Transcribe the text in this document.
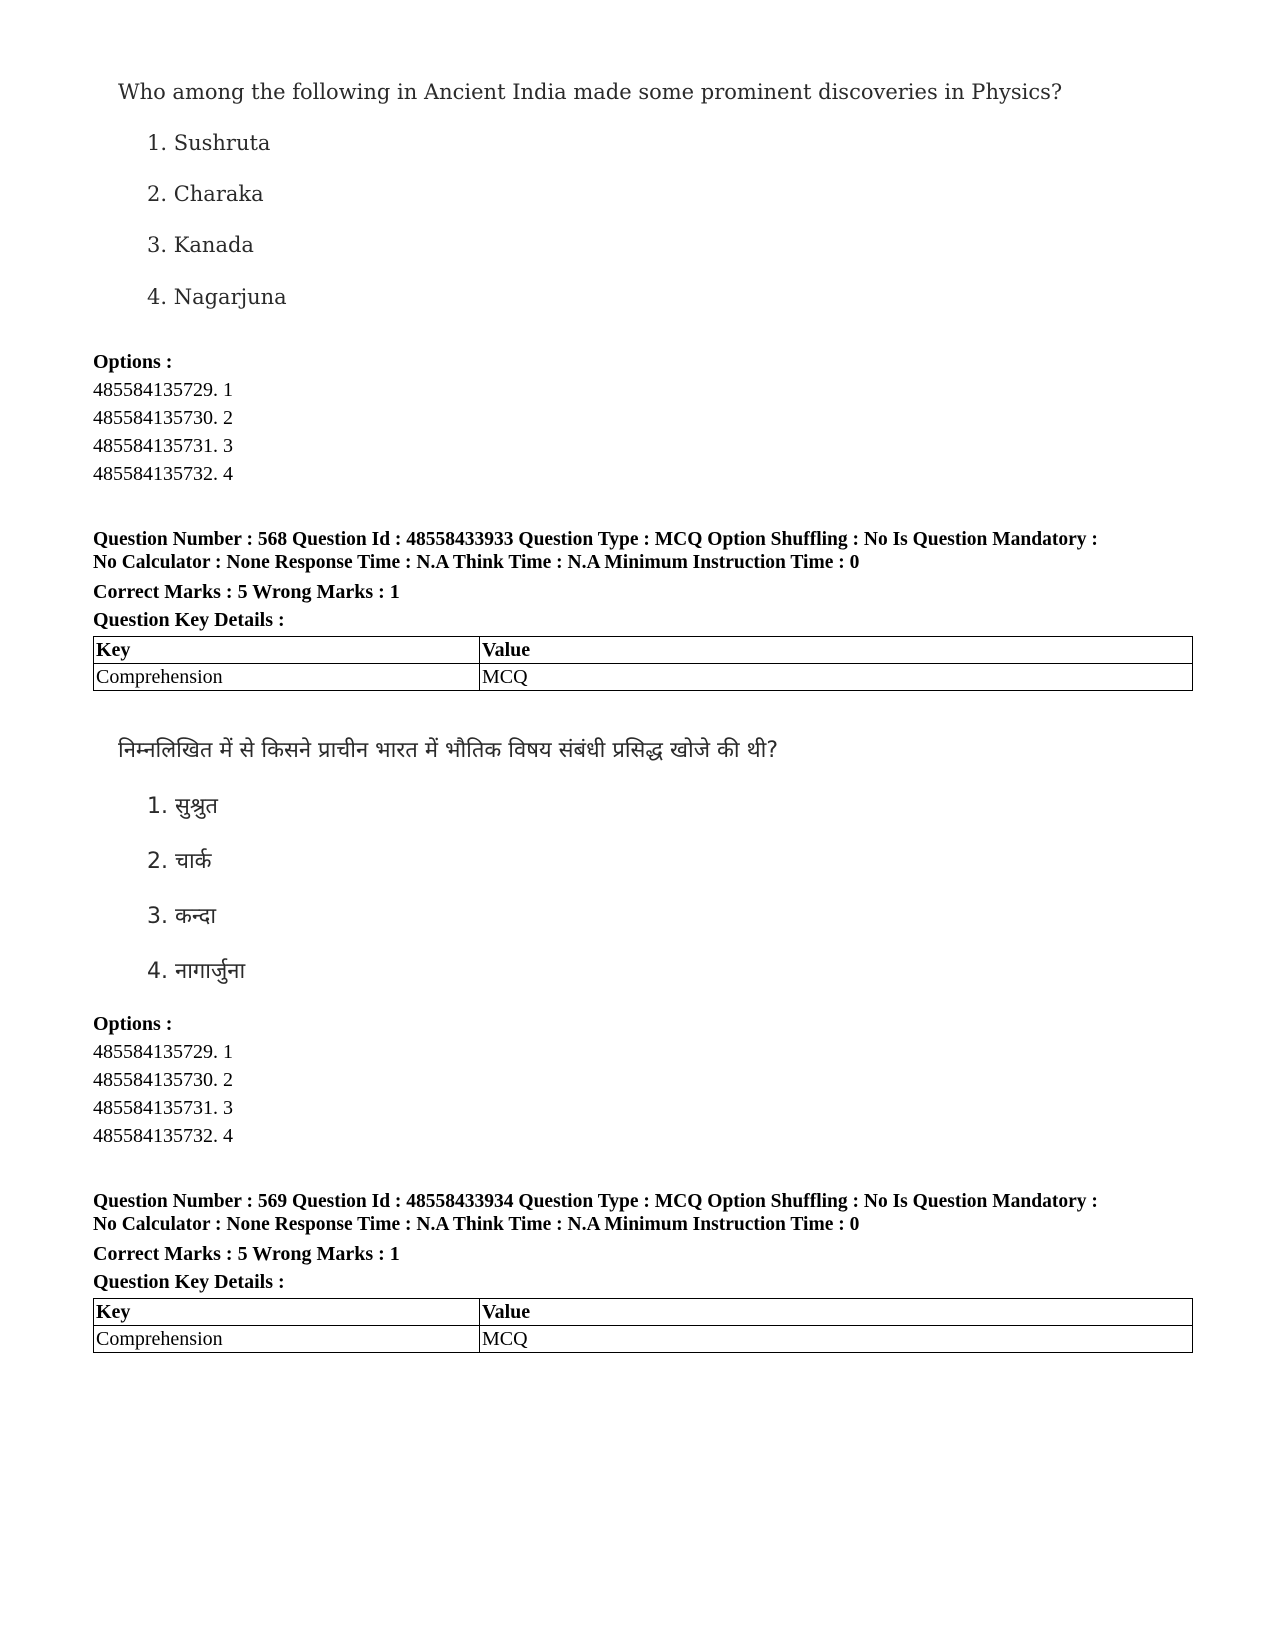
Who among the following in Ancient India made some prominent discoveries in Physics?
1. Sushruta
2. Charaka
3. Kanada
4. Nagarjuna
Options :
485584135729. 1
485584135730. 2
485584135731. 3
485584135732. 4
Question Number : 568 Question Id : 48558433933 Question Type : MCQ Option Shuffling : No Is Question Mandatory :
No Calculator : None Response Time : N.A Think Time : N.A Minimum Instruction Time : 0
Correct Marks : 5 Wrong Marks : 1
Question Key Details :
Key	Value
Comprehension	MCQ
निम्नलिखित में से किसने प्राचीन भारत में भौतिक विषय संबंधी प्रसिद्ध खोजे की थी?
1. सुश्रुत
2. चार्क
3. कन्दा
4. नागार्जुना
Options :
485584135729. 1
485584135730. 2
485584135731. 3
485584135732. 4
Question Number : 569 Question Id : 48558433934 Question Type : MCQ Option Shuffling : No Is Question Mandatory :
No Calculator : None Response Time : N.A Think Time : N.A Minimum Instruction Time : 0
Correct Marks : 5 Wrong Marks : 1
Question Key Details :
Key	Value
Comprehension	MCQ
